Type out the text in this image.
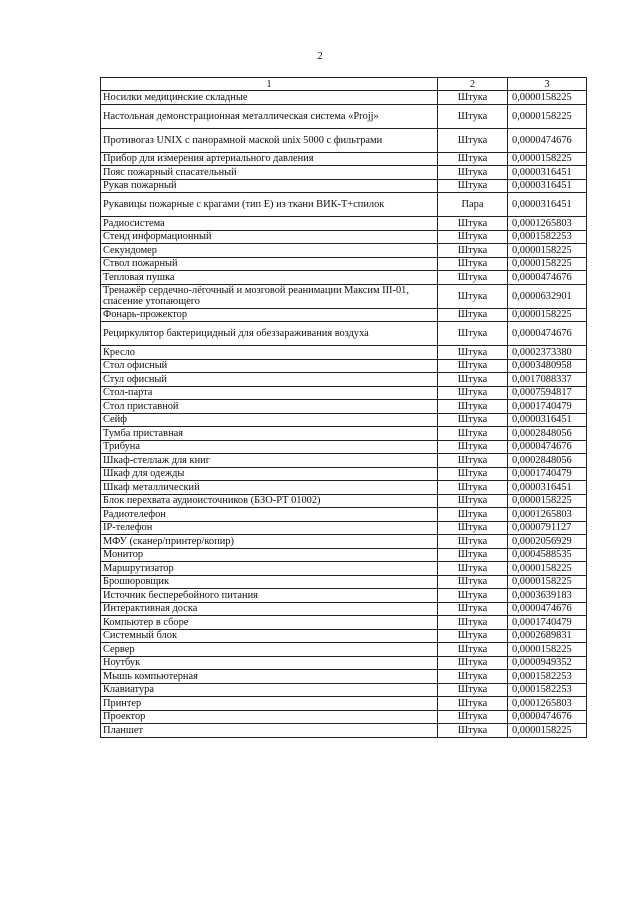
2
1	2	3
Носилки медицинские складные	Штука	0,0000158225
Настольная демонстрационная металлическая система «Projj»	Штука	0,0000158225
Противогаз UNIX с панорамной маской unix 5000 с фильтрами	Штука	0,0000474676
Прибор для измерения артериального давления	Штука	0,0000158225
Пояс пожарный спасательный	Штука	0,0000316451
Рукав пожарный	Штука	0,0000316451
Рукавицы пожарные с крагами (тип Е) из ткани ВИК-Т+спилок	Пара	0,0000316451
Радиосистема	Штука	0,0001265803
Стенд информационный	Штука	0,0001582253
Секундомер	Штука	0,0000158225
Ствол пожарный	Штука	0,0000158225
Тепловая пушка	Штука	0,0000474676
Тренажёр сердечно-лёгочный и мозговой реанимации Максим III-01, спасение утопающего	Штука	0,0000632901
Фонарь-прожектор	Штука	0,0000158225
Рециркулятор бактерицидный для обеззараживания воздуха	Штука	0,0000474676
Кресло	Штука	0,0002373380
Стол офисный	Штука	0,0003480958
Стул офисный	Штука	0,0017088337
Стол-парта	Штука	0,0007594817
Стол приставной	Штука	0,0001740479
Сейф	Штука	0,0000316451
Тумба приставная	Штука	0,0002848056
Трибуна	Штука	0,0000474676
Шкаф-стеллаж для книг	Штука	0,0002848056
Шкаф для одежды	Штука	0,0001740479
Шкаф металлический	Штука	0,0000316451
Блок перехвата аудиоисточников (БЗО-РТ 01002)	Штука	0,0000158225
Радиотелефон	Штука	0,0001265803
IP-телефон	Штука	0,0000791127
МФУ (сканер/принтер/копир)	Штука	0,0002056929
Монитор	Штука	0,0004588535
Маршрутизатор	Штука	0,0000158225
Брошюровщик	Штука	0,0000158225
Источник бесперебойного питания	Штука	0,0003639183
Интерактивная доска	Штука	0,0000474676
Компьютер в сборе	Штука	0,0001740479
Системный блок	Штука	0,0002689831
Сервер	Штука	0,0000158225
Ноутбук	Штука	0,0000949352
Мышь компьютерная	Штука	0,0001582253
Клавиатура	Штука	0,0001582253
Принтер	Штука	0,0001265803
Проектор	Штука	0,0000474676
Планшет	Штука	0,0000158225
